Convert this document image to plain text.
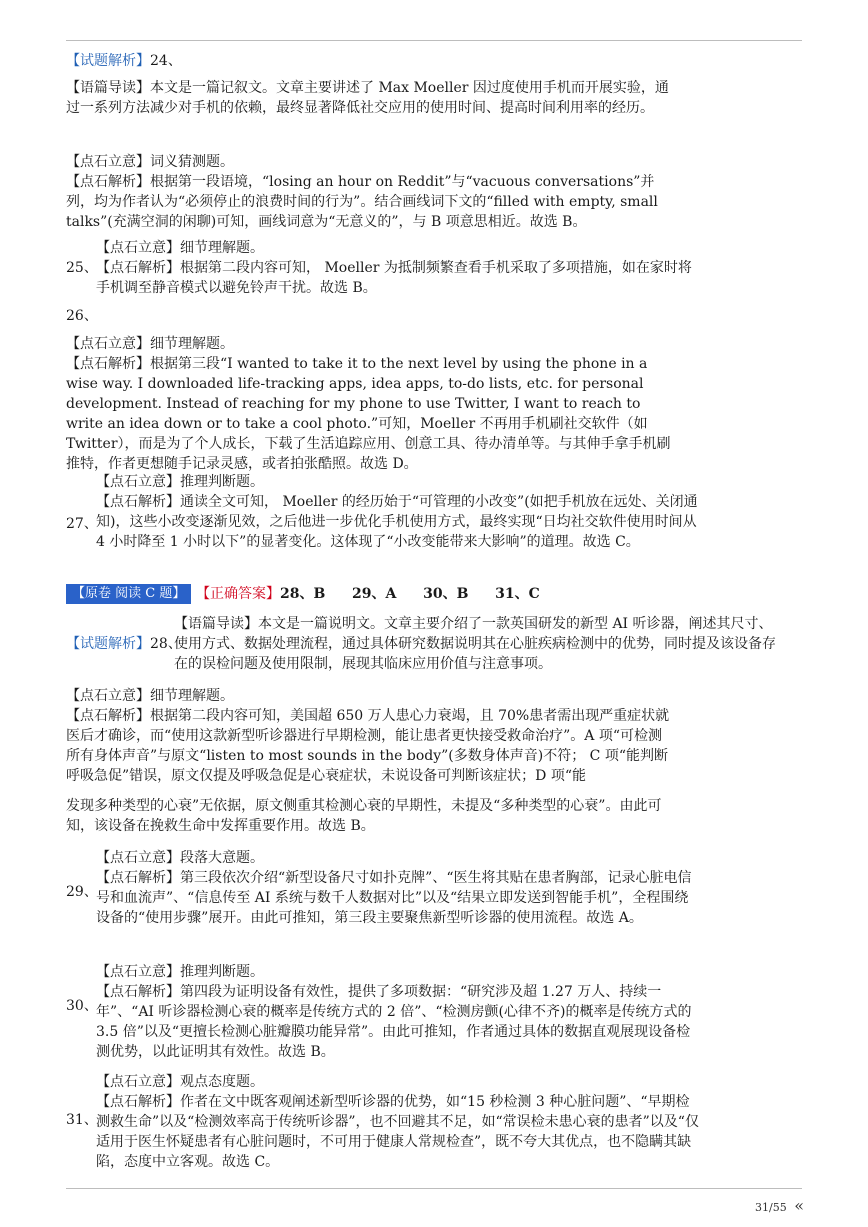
【试题解析】24、

【语篇导读】本文是一篇记叙文。文章主要讲述了 Max Moeller 因过度使用手机而开展实验，通过一系列方法减少对手机的依赖，最终显著降低社交应用的使用时间、提高时间利用率的经历。

【点石立意】词义猜测题。

【点石解析】根据第一段语境，“losing an hour on Reddit”与“vacuous conversations”并列，均为作者认为“必须停止的浪费时间的行为”。结合画线词下文的“filled with empty, small talks”(充满空洞的闲聊)可知，画线词意为“无意义的”，与 B 项意思相近。故选 B。

25、

【点石立意】细节理解题。

【点石解析】根据第二段内容可知， Moeller 为抵制频繁查看手机采取了多项措施，如在家时将手机调至静音模式以避免铃声干扰。故选 B。

26、

【点石立意】细节理解题。

【点石解析】根据第三段“I wanted to take it to the next level by using the phone in a wise way. I downloaded life-tracking apps, idea apps, to-do lists, etc. for personal development. Instead of reaching for my phone to use Twitter, I want to reach to write an idea down or to take a cool photo.”可知，Moeller 不再用手机刷社交软件（如 Twitter），而是为了个人成长，下载了生活追踪应用、创意工具、待办清单等。与其伸手拿手机刷推特，作者更想随手记录灵感，或者拍张酷照。故选 D。

27、

【点石立意】推理判断题。

【点石解析】通读全文可知， Moeller 的经历始于“可管理的小改变”(如把手机放在远处、关闭通知)，这些小改变逐渐见效，之后他进一步优化手机使用方式，最终实现“日均社交软件使用时间从 4 小时降至 1 小时以下”的显著变化。这体现了“小改变能带来大影响”的道理。故选 C。

【原卷 阅读 C 题】 【正确答案】28、B 29、A 30、B 31、C
【试题解析】28、

【语篇导读】本文是一篇说明文。文章主要介绍了一款英国研发的新型 AI 听诊器，阐述其尺寸、使用方式、数据处理流程，通过具体研究数据说明其在心脏疾病检测中的优势，同时提及该设备存在的误检问题及使用限制，展现其临床应用价值与注意事项。

【点石立意】细节理解题。

【点石解析】根据第二段内容可知，美国超 650 万人患心力衰竭，且 70%患者需出现严重症状就医后才确诊，而“使用这款新型听诊器进行早期检测，能让患者更快接受救命治疗”。A 项“可检测所有身体声音”与原文“listen to most sounds in the body”(多数身体声音)不符； C 项“能判断呼吸急促”错误，原文仅提及呼吸急促是心衰症状，未说设备可判断该症状；D 项“能

发现多种类型的心衰”无依据，原文侧重其检测心衰的早期性，未提及“多种类型的心衰”。由此可知，该设备在挽救生命中发挥重要作用。故选 B。

29、

【点石立意】段落大意题。

【点石解析】第三段依次介绍“新型设备尺寸如扑克牌”、“医生将其贴在患者胸部，记录心脏电信号和血流声”、“信息传至 AI 系统与数千人数据对比”以及“结果立即发送到智能手机”，全程围绕设备的“使用步骤”展开。由此可推知，第三段主要聚焦新型听诊器的使用流程。故选 A。

30、

【点石立意】推理判断题。

【点石解析】第四段为证明设备有效性，提供了多项数据：“研究涉及超 1.27 万人、持续一年”、“AI 听诊器检测心衰的概率是传统方式的 2 倍”、“检测房颤(心律不齐)的概率是传统方式的 3.5 倍”以及“更擅长检测心脏瓣膜功能异常”。由此可推知，作者通过具体的数据直观展现设备检测优势，以此证明其有效性。故选 B。

31、

【点石立意】观点态度题。

【点石解析】作者在文中既客观阐述新型听诊器的优势，如“15 秒检测 3 种心脏问题”、“早期检测救生命”以及“检测效率高于传统听诊器”，也不回避其不足，如“常误检未患心衰的患者”以及“仅适用于医生怀疑患者有心脏问题时，不可用于健康人常规检查”，既不夸大其优点，也不隐瞒其缺陷，态度中立客观。故选 C。

31/55 «
